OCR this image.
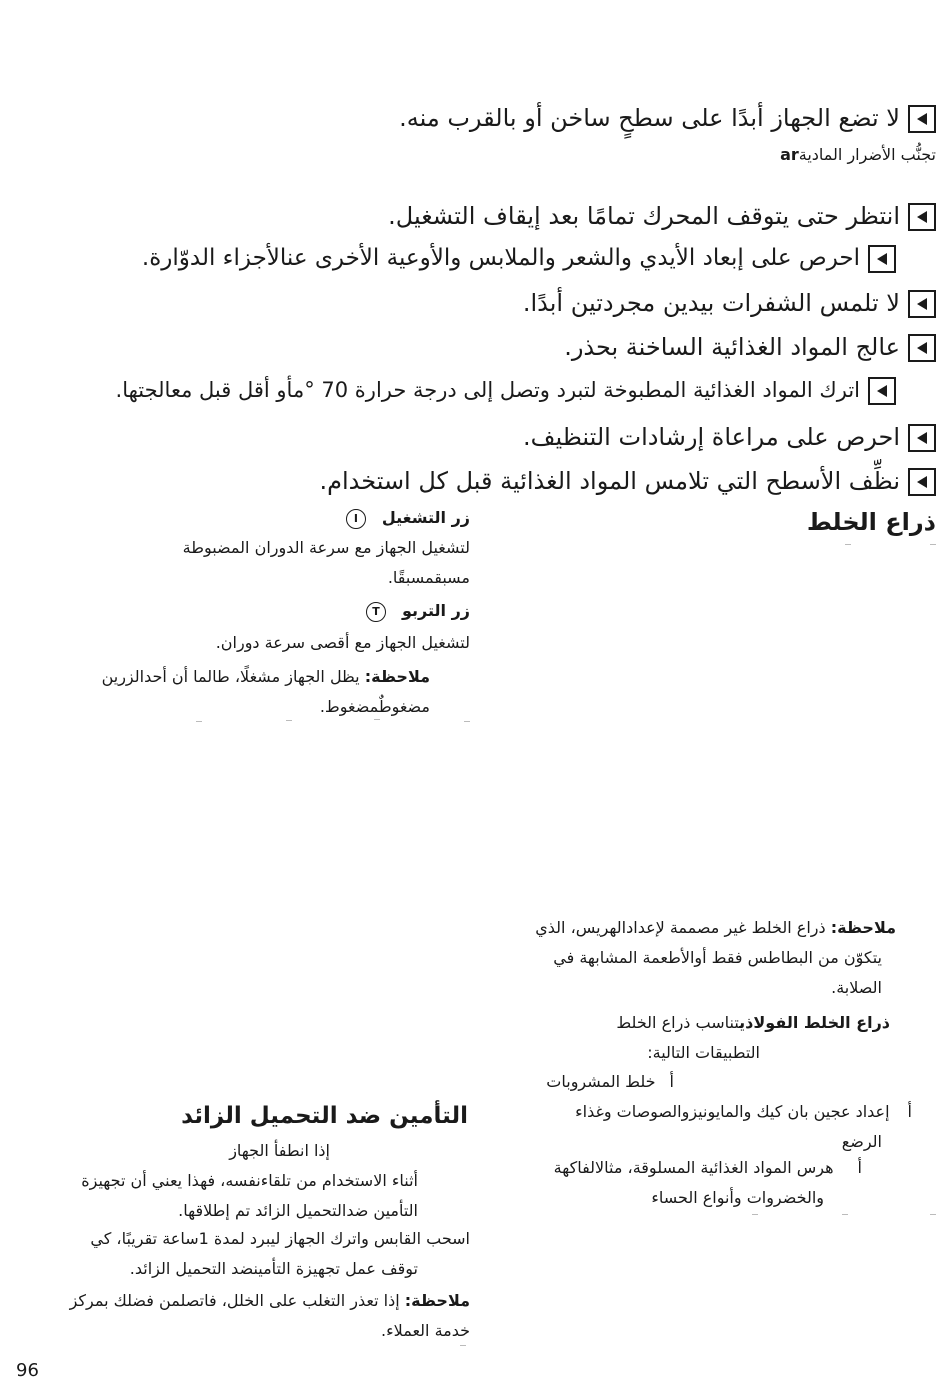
لا تضع الجهاز أبدًا على سطحٍ ساخن أو بالقرب منه.
arتجنُّب الأضرار المادية
انتظر حتى يتوقف المحرك تمامًا بعد إيقاف التشغيل.
احرص على إبعاد الأيدي والشعر والملابس والأوعية الأخرى عنالأجزاء الدوّارة.
لا تلمس الشفرات بيدين مجردتين أبدًا.
عالج المواد الغذائية الساخنة بحذر.
اترك المواد الغذائية المطبوخة لتبرد وتصل إلى درجة حرارة 70 °مأو أقل قبل معالجتها.
احرص على مراعاة إرشادات التنظيف.
نظِّف الأسطح التي تلامس المواد الغذائية قبل كل استخدام.
ذراع الخلط
زر التشغيلI
لتشغيل الجهاز مع سرعة الدوران المضبوطة
مسبقمسبقًا.
زر التربوT
لتشغيل الجهاز مع أقصى سرعة دوران.
ملاحظة: يظل الجهاز مشغلًا، طالما أن أحدالزرين
مضغوطٌمضغوط.
ملاحظة: ذراع الخلط غير مصممة لإعدادالهريس، الذي
يتكوّن من البطاطس فقط أوالأطعمة المشابهة في
الصلابة.
ذراع الخلط الفولاذيتناسب ذراع الخلط
التطبيقات التالية:
أخلط المشروبات
أإعداد عجين بان كيك والمايونيزوالصوصات وغذاء
الرضع
أهرس المواد الغذائية المسلوقة، مثالالفاكهة
والخضروات وأنواع الحساء
التأمين ضد التحميل الزائد
إذا انطفأ الجهاز
أثناء الاستخدام من تلقاءنفسه، فهذا يعني أن تجهيزة
التأمين ضدالتحميل الزائد تم إطلاقها.
اسحب القابس واترك الجهاز ليبرد لمدة 1ساعة تقريبًا، كي
توقف عمل تجهيزة التأمينضد التحميل الزائد.
ملاحظة: إذا تعذر التغلب على الخلل، فاتصلمن فضلك بمركز
خدمة العملاء.
96
